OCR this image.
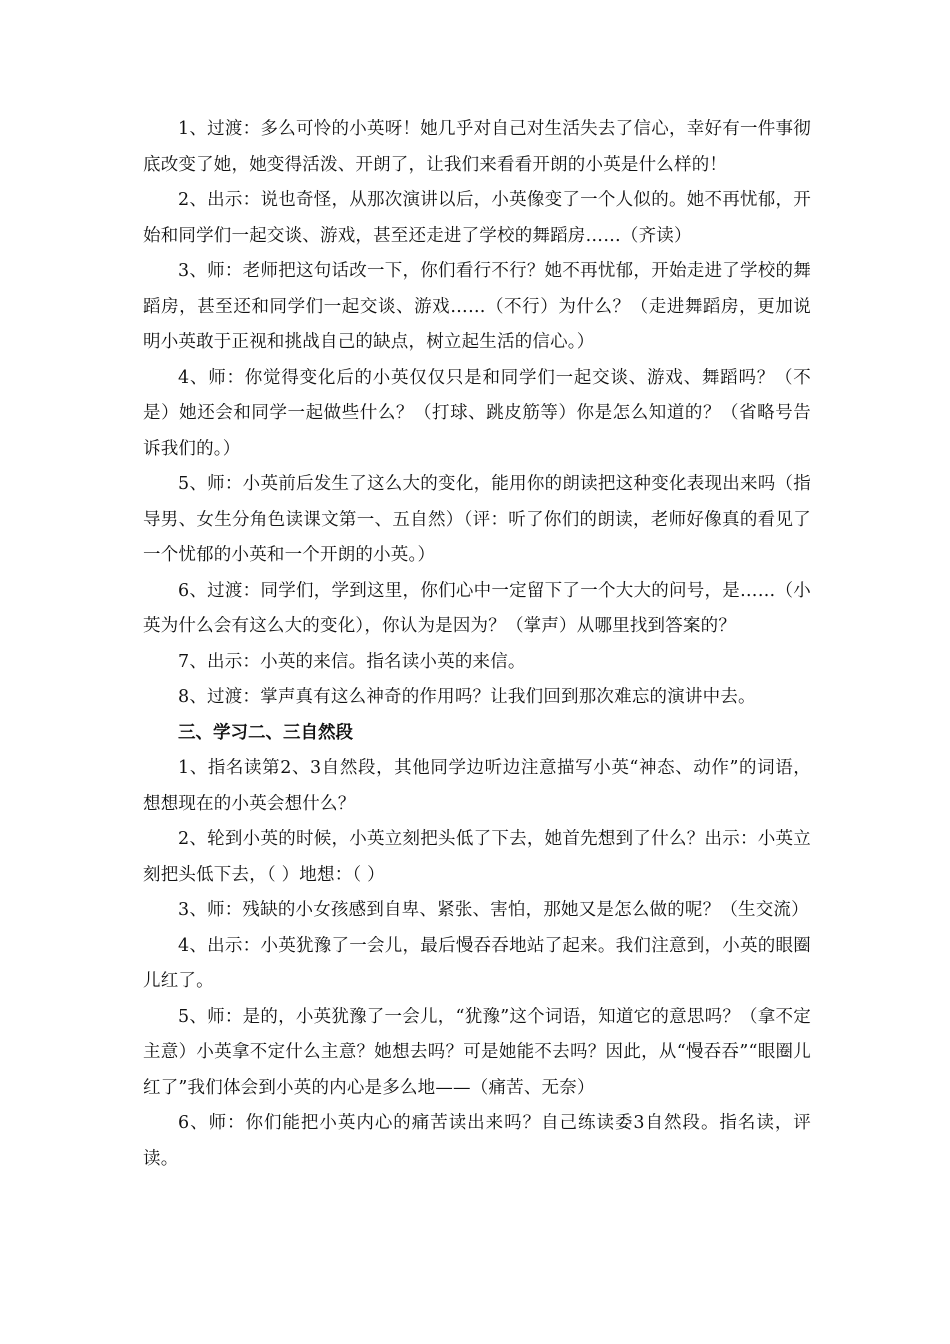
1、过渡：多么可怜的小英呀！她几乎对自己对生活失去了信心，幸好有一件事彻底改变了她，她变得活泼、开朗了，让我们来看看开朗的小英是什么样的！

2、出示：说也奇怪，从那次演讲以后，小英像变了一个人似的。她不再忧郁，开始和同学们一起交谈、游戏，甚至还走进了学校的舞蹈房……（齐读）

3、师：老师把这句话改一下，你们看行不行？她不再忧郁，开始走进了学校的舞蹈房，甚至还和同学们一起交谈、游戏……（不行）为什么？（走进舞蹈房，更加说明小英敢于正视和挑战自己的缺点，树立起生活的信心。）

4、师：你觉得变化后的小英仅仅只是和同学们一起交谈、游戏、舞蹈吗？（不是）她还会和同学一起做些什么？（打球、跳皮筋等）你是怎么知道的？（省略号告诉我们的。）

5、师：小英前后发生了这么大的变化，能用你的朗读把这种变化表现出来吗（指导男、女生分角色读课文第一、五自然）（评：听了你们的朗读，老师好像真的看见了一个忧郁的小英和一个开朗的小英。）

6、过渡：同学们，学到这里，你们心中一定留下了一个大大的问号，是……（小英为什么会有这么大的变化），你认为是因为？（掌声）从哪里找到答案的？

7、出示：小英的来信。指名读小英的来信。

8、过渡：掌声真有这么神奇的作用吗？让我们回到那次难忘的演讲中去。

三、学习二、三自然段

1、指名读第2、3自然段，其他同学边听边注意描写小英“神态、动作”的词语，想想现在的小英会想什么？

2、轮到小英的时候，小英立刻把头低了下去，她首先想到了什么？出示：小英立刻把头低下去，（ ）地想：（ ）

3、师：残缺的小女孩感到自卑、紧张、害怕，那她又是怎么做的呢？（生交流）

4、出示：小英犹豫了一会儿，最后慢吞吞地站了起来。我们注意到，小英的眼圈儿红了。

5、师：是的，小英犹豫了一会儿，“犹豫”这个词语，知道它的意思吗？（拿不定主意）小英拿不定什么主意？她想去吗？可是她能不去吗？因此，从“慢吞吞”“眼圈儿红了”我们体会到小英的内心是多么地——（痛苦、无奈）

6、师：你们能把小英内心的痛苦读出来吗？自己练读委3自然段。指名读，评读。
